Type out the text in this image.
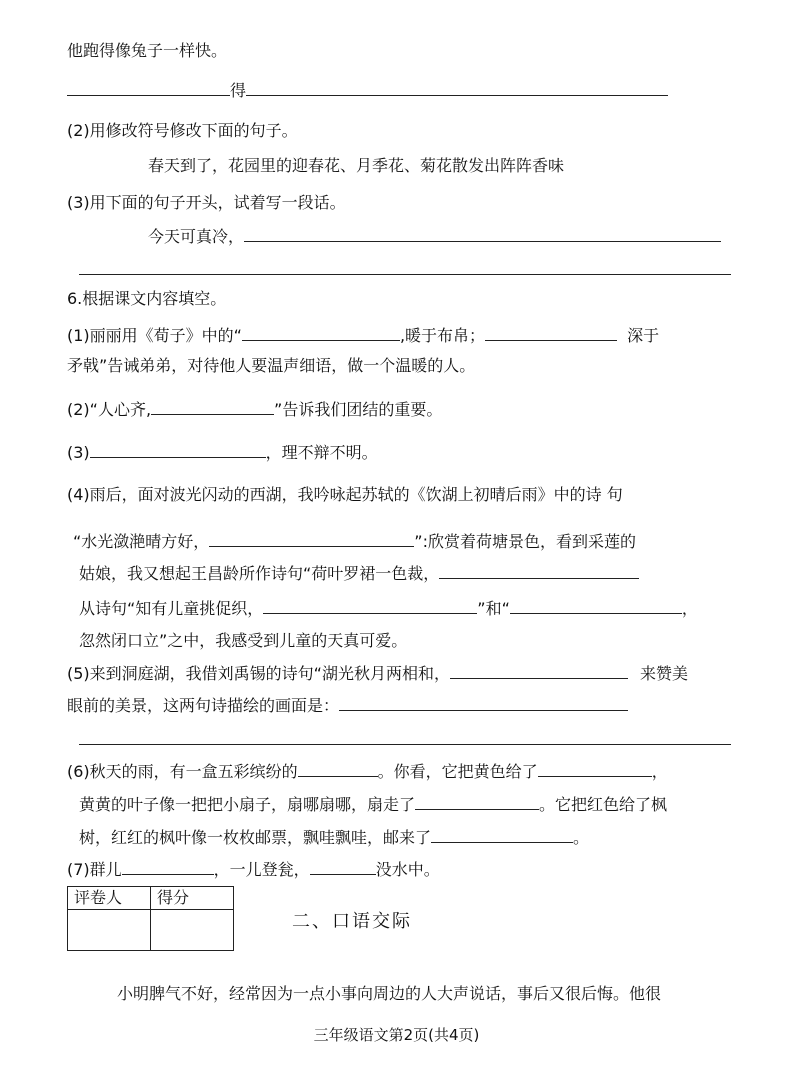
他跑得像兔子一样快。
得
(2)用修改符号修改下面的句子。
春天到了，花园里的迎春花、月季花、菊花散发出阵阵香味
(3)用下面的句子开头，试着写一段话。
今天可真冷，
6.根据课文内容填空。
(1)丽丽用《荀子》中的“	,暖于布帛；	深于
矛戟”告诫弟弟，对待他人要温声细语，做一个温暖的人。
(2)“人心齐,	”告诉我们团结的重要。
(3)	，理不辩不明。
(4)雨后，面对波光闪动的西湖，我吟咏起苏轼的《饮湖上初晴后雨》中的诗 句
“水光潋滟晴方好，	”:欣赏着荷塘景色，看到采莲的
姑娘，我又想起王昌龄所作诗句“荷叶罗裙一色裁，
从诗句“知有儿童挑促织，	”和“	，
忽然闭口立”之中，我感受到儿童的天真可爱。
(5)来到洞庭湖，我借刘禹锡的诗句“湖光秋月两相和，	来赞美
眼前的美景，这两句诗描绘的画面是：
(6)秋天的雨，有一盒五彩缤纷的	。你看，它把黄色给了	，
黄黄的叶子像一把把小扇子，扇哪扇哪，扇走了	。它把红色给了枫
树，红红的枫叶像一枚枚邮票，飘哇飘哇，邮来了	。
(7)群儿	，一儿登瓮，	没水中。
评卷人	得分

二、口语交际
小明脾气不好，经常因为一点小事向周边的人大声说话，事后又很后悔。他很
三年级语文第2页(共4页)
